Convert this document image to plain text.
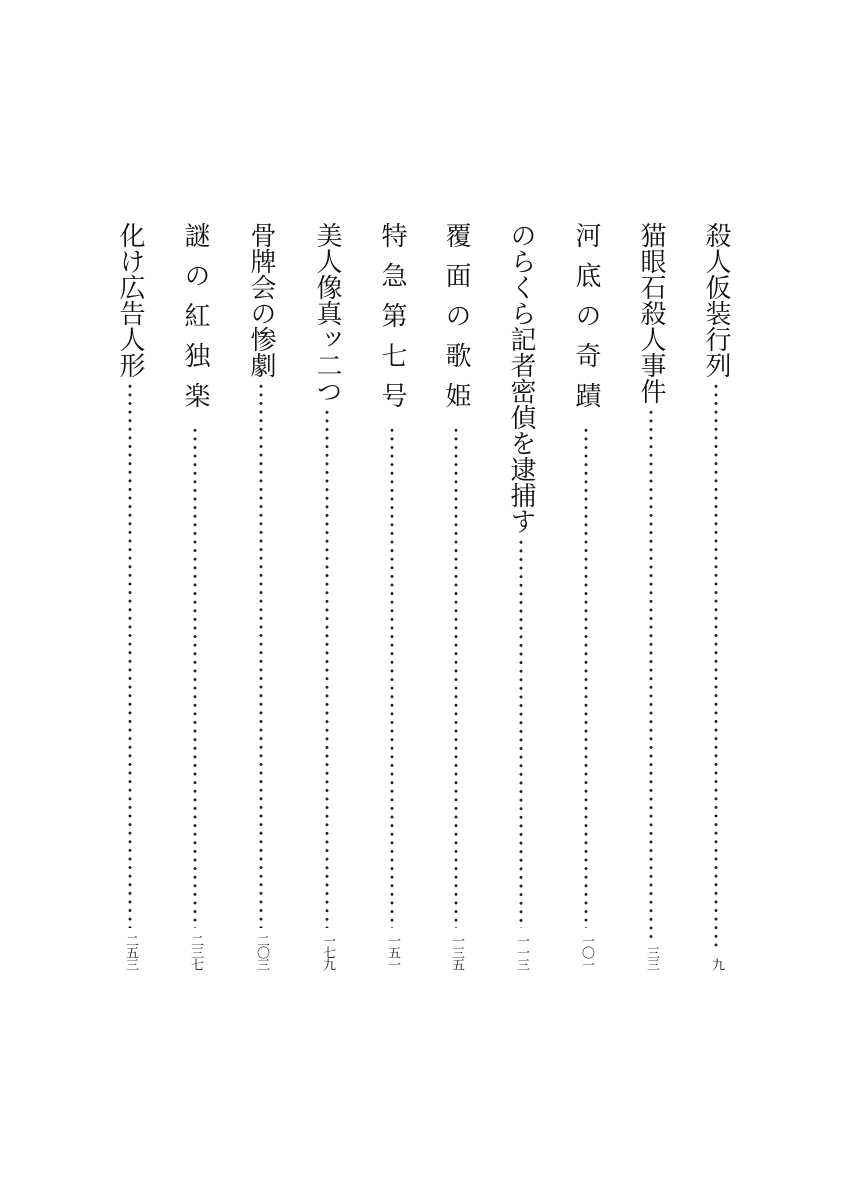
殺人仮装行列
九
猫眼石殺人事件
三三
河底の奇蹟
一〇一
のらくら記者密偵を逮捕す
一一三
覆面の歌姫
一三五
特急第七号
一五一
美人像真ッ二つ
一七九
骨牌会の惨劇
二〇三
謎の紅独楽
二三七
化け広告人形
二五三
